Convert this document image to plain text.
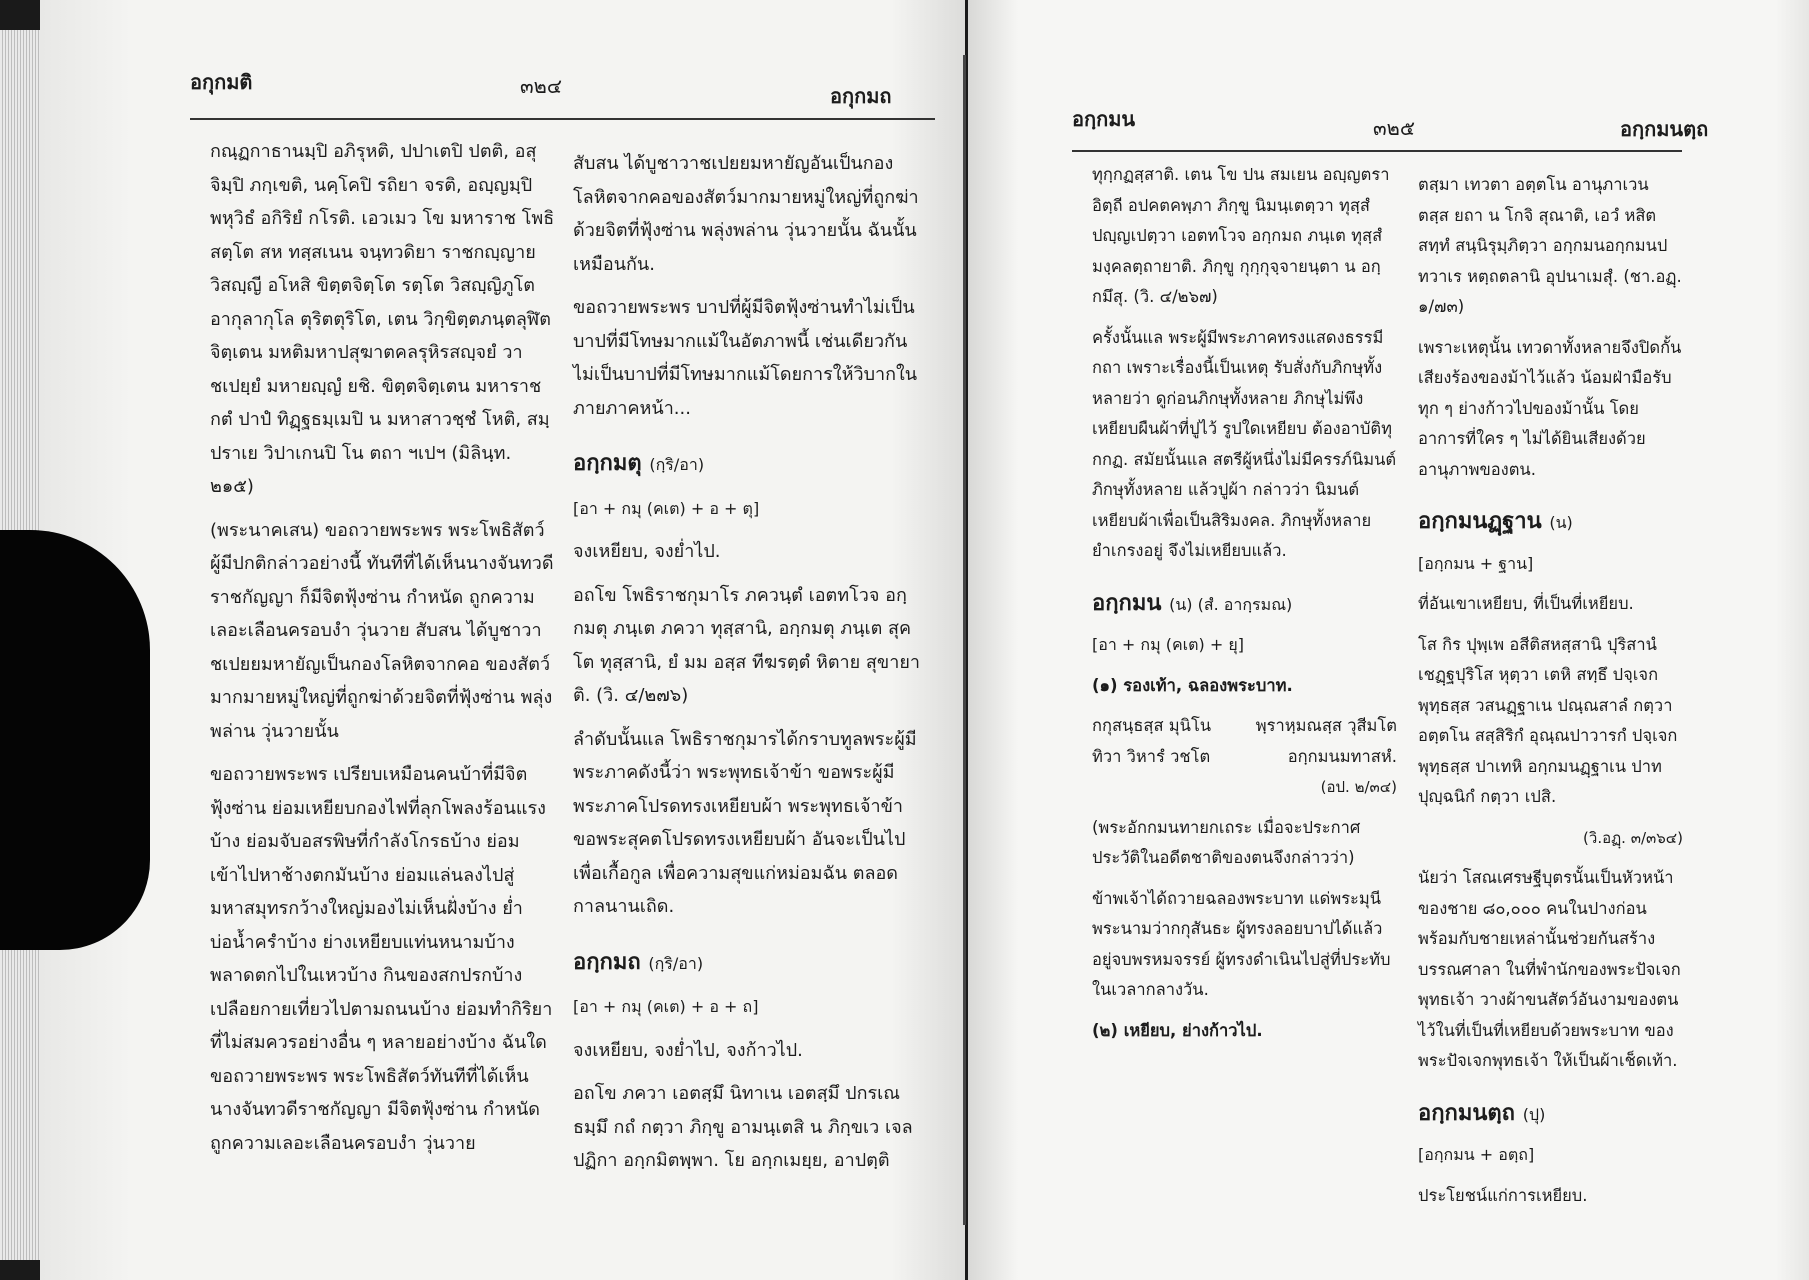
อกุกมติ	๓๒๔	อกุกมถ

กณฺฏกาธานมฺปิ อภิรุหติ, ปปาเตปิ ปตติ, อสุจิมฺปิ ภกฺเขติ, นคฺโคปิ รถิยา จรติ, อญฺญมฺปิ พหุวิธํ อกิริยํ กโรติ. เอวเมว โข มหาราช โพธิสตฺโต สห ทสฺสเนน จนฺทวดิยา ราชกญฺญาย วิสญฺญี อโหสิ ขิตฺตจิตฺโต รตฺโต วิสญฺญิภูโต อากุลากุโล ตุริตตุริโต, เตน วิกฺขิตฺตภนฺตลุฬิตจิตฺเตน มหติมหาปสุฆาตคลรุหิรสญฺจยํ วาชเปยฺยํ มหายญฺญํ ยชิ. ขิตฺตจิตฺเตน มหาราช กตํ ปาปํ ทิฏฺฐธมฺเมปิ น มหาสาวชฺชํ โหติ, สมฺปราเย วิปาเกนปิ โน ตถา ฯเปฯ (มิลินฺท. ๒๑๕)

(พระนาคเสน) ขอถวายพระพร พระโพธิสัตว์ผู้มีปกติกล่าวอย่างนี้ ทันทีที่ได้เห็นนางจันทวดีราชกัญญา ก็มีจิตฟุ้งซ่าน กำหนัด ถูกความเลอะเลือนครอบงำ วุ่นวาย สับสน ได้บูชาวาชเปยยมหายัญเป็นกองโลหิตจากคอ ของสัตว์มากมายหมู่ใหญ่ที่ถูกฆ่าด้วยจิตที่ฟุ้งซ่าน พลุ่งพล่าน วุ่นวายนั้น

ขอถวายพระพร เปรียบเหมือนคนบ้าที่มีจิตฟุ้งซ่าน ย่อมเหยียบกองไฟที่ลุกโพลงร้อนแรงบ้าง ย่อมจับอสรพิษที่กำลังโกรธบ้าง ย่อมเข้าไปหาช้างตกมันบ้าง ย่อมแล่นลงไปสู่มหาสมุทรกว้างใหญ่มองไม่เห็นฝั่งบ้าง ย่ำบ่อน้ำครำบ้าง ย่างเหยียบแท่นหนามบ้าง พลาดตกไปในเหวบ้าง กินของสกปรกบ้าง เปลือยกายเที่ยวไปตามถนนบ้าง ย่อมทำกิริยาที่ไม่สมควรอย่างอื่น ๆ หลายอย่างบ้าง ฉันใด ขอถวายพระพร พระโพธิสัตว์ทันทีที่ได้เห็นนางจันทวดีราชกัญญา มีจิตฟุ้งซ่าน กำหนัด ถูกความเลอะเลือนครอบงำ วุ่นวาย

สับสน ได้บูชาวาชเปยยมหายัญอันเป็นกองโลหิตจากคอของสัตว์มากมายหมู่ใหญ่ที่ถูกฆ่าด้วยจิตที่ฟุ้งซ่าน พลุ่งพล่าน วุ่นวายนั้น ฉันนั้นเหมือนกัน.

ขอถวายพระพร บาปที่ผู้มีจิตฟุ้งซ่านทำไม่เป็นบาปที่มีโทษมากแม้ในอัตภาพนี้ เช่นเดียวกัน ไม่เป็นบาปที่มีโทษมากแม้โดยการให้วิบากในภายภาคหน้า...

อกฺกมตุ (กฺริ/อา)

[อา + กมุ (คเต) + อ + ตุ]

จงเหยียบ, จงย่ำไป.

อถโข โพธิราชกุมาโร ภควนฺตํ เอตทโวจ อกฺกมตุ ภนฺเต ภควา ทุสฺสานิ, อกฺกมตุ ภนฺเต สุคโต ทุสฺสานิ, ยํ มม อสฺส ทีฆรตฺตํ หิตาย สุขายาติ. (วิ. ๔/๒๗๖)

ลำดับนั้นแล โพธิราชกุมารได้กราบทูลพระผู้มีพระภาคดังนี้ว่า พระพุทธเจ้าข้า ขอพระผู้มีพระภาคโปรดทรงเหยียบผ้า พระพุทธเจ้าข้า ขอพระสุคตโปรดทรงเหยียบผ้า อันจะเป็นไปเพื่อเกื้อกูล เพื่อความสุขแก่หม่อมฉัน ตลอดกาลนานเถิด.

อกฺกมถ (กฺริ/อา)

[อา + กมุ (คเต) + อ + ถ]

จงเหยียบ, จงย่ำไป, จงก้าวไป.

อถโข ภควา เอตสฺมึ นิทาเน เอตสฺมึ ปกรเณ ธมฺมึ กถํ กตฺวา ภิกฺขู อามนฺเตสิ น ภิกฺขเว เจลปฏิกา อกฺกมิตพฺพา. โย อกฺกเมยฺย, อาปตฺติ

อกฺกมน	๓๒๕	อกฺกมนตฺถ

ทุกฺกฏสฺสาติ. เตน โข ปน สมเยน อญฺญตรา อิตฺถี อปคตคพฺภา ภิกฺขู นิมนฺเตตฺวา ทุสฺสํ ปญฺญเปตฺวา เอตทโวจ อกฺกมถ ภนฺเต ทุสฺสํ มงฺคลตฺถายาติ. ภิกฺขู กุกฺกุจฺจายนฺตา น อกฺกมึสุ. (วิ. ๔/๒๖๗)

ครั้งนั้นแล พระผู้มีพระภาคทรงแสดงธรรมีกถา เพราะเรื่องนี้เป็นเหตุ รับสั่งกับภิกษุทั้งหลายว่า ดูก่อนภิกษุทั้งหลาย ภิกษุไม่พึงเหยียบผืนผ้าที่ปูไว้ รูปใดเหยียบ ต้องอาบัติทุกกฏ. สมัยนั้นแล สตรีผู้หนึ่งไม่มีครรภ์นิมนต์ภิกษุทั้งหลาย แล้วปูผ้า กล่าวว่า นิมนต์เหยียบผ้าเพื่อเป็นสิริมงคล. ภิกษุทั้งหลายยำเกรงอยู่ จึงไม่เหยียบแล้ว.

อกฺกมน (น) (สํ. อากฺรมณ)

[อา + กมุ (คเต) + ยุ]

(๑) รองเท้า, ฉลองพระบาท.

กกุสนฺธสฺส มุนิโน	พฺราหฺมณสฺส วุสีมโต
ทิวา วิหารํ วชโต	อกฺกมนมทาสหํ.

(อป. ๒/๓๔)

(พระอักกมนทายกเถระ เมื่อจะประกาศประวัติในอดีตชาติของตนจึงกล่าวว่า)

ข้าพเจ้าได้ถวายฉลองพระบาท แด่พระมุนีพระนามว่ากกุสันธะ ผู้ทรงลอยบาปได้แล้ว อยู่จบพรหมจรรย์ ผู้ทรงดำเนินไปสู่ที่ประทับในเวลากลางวัน.

(๒) เหยียบ, ย่างก้าวไป.

ตสฺมา เทวตา อตฺตโน อานุภาเวน ตสฺส ยถา น โกจิ สุณาติ, เอวํ หสิตสทฺทํ สนฺนิรุมฺภิตฺวา อกฺกมนอกฺกมนปทวาเร หตฺถตลานิ อุปนาเมสุํ. (ชา.อฏฺ. ๑/๗๓)

เพราะเหตุนั้น เทวดาทั้งหลายจึงปิดกั้นเสียงร้องของม้าไว้แล้ว น้อมฝ่ามือรับทุก ๆ ย่างก้าวไปของม้านั้น โดยอาการที่ใคร ๆ ไม่ได้ยินเสียงด้วยอานุภาพของตน.

อกฺกมนฏฺฐาน (น)

[อกฺกมน + ฐาน]

ที่อันเขาเหยียบ, ที่เป็นที่เหยียบ.

โส กิร ปุพฺเพ อสีติสหสฺสานิ ปุริสานํ เชฏฺฐปุริโส หุตฺวา เตหิ สทฺธึ ปจฺเจกพุทฺธสฺส วสนฏฺฐาเน ปณฺณสาลํ กตฺวา อตฺตโน สสฺสิริกํ อุณฺณปาวารกํ ปจฺเจกพุทฺธสฺส ปาเทหิ อกฺกมนฏฺฐาเน ปาทปุญฺฉนิกํ กตฺวา เปสิ.

(วิ.อฏฺ. ๓/๓๖๔)

นัยว่า โสณเศรษฐีบุตรนั้นเป็นหัวหน้าของชาย ๘๐,๐๐๐ คนในปางก่อน พร้อมกับชายเหล่านั้นช่วยกันสร้างบรรณศาลา ในที่พำนักของพระปัจเจกพุทธเจ้า วางผ้าขนสัตว์อันงามของตนไว้ในที่เป็นที่เหยียบด้วยพระบาท ของพระปัจเจกพุทธเจ้า ให้เป็นผ้าเช็ดเท้า.

อกฺกมนตฺถ (ปุ)

[อกฺกมน + อตฺถ]

ประโยชน์แก่การเหยียบ.
